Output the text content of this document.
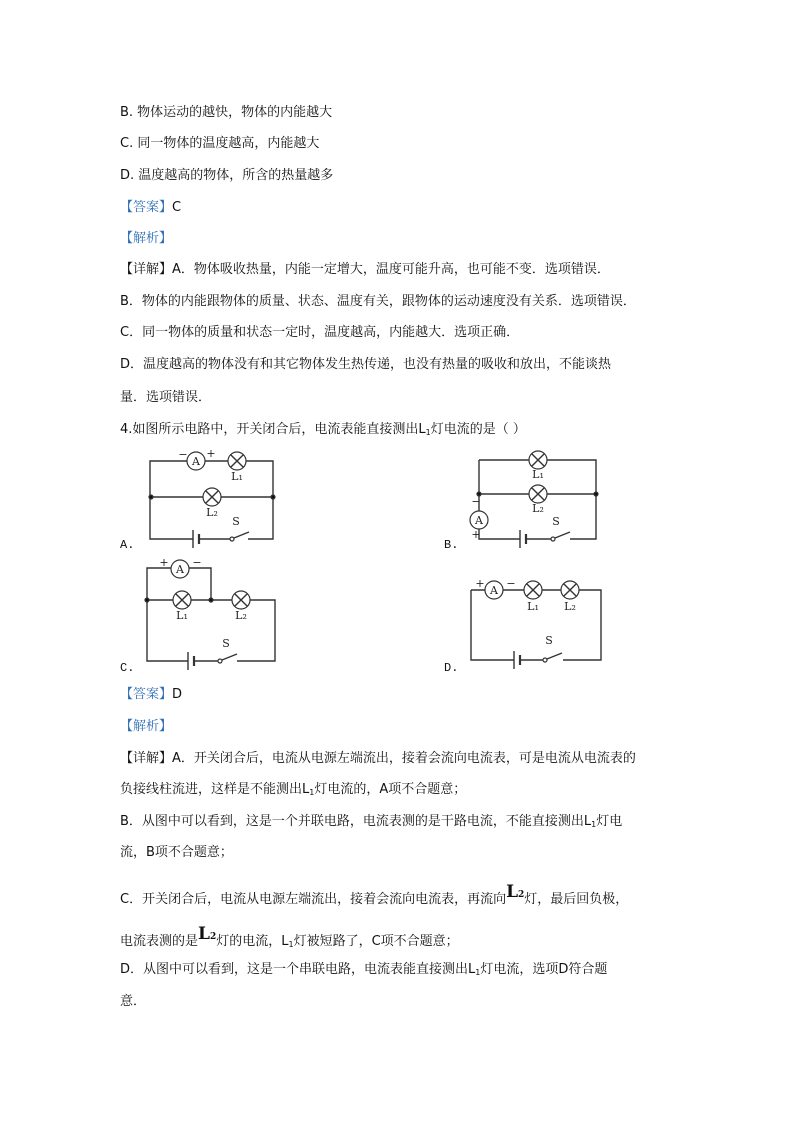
B. 物体运动的越快，物体的内能越大
C. 同一物体的温度越高，内能越大
D. 温度越高的物体，所含的热量越多
【答案】C
【解析】
【详解】A．物体吸收热量，内能一定增大，温度可能升高，也可能不变．选项错误．
B．物体的内能跟物体的质量、状态、温度有关，跟物体的运动速度没有关系．选项错误．
C．同一物体的质量和状态一定时，温度越高，内能越大．选项正确．
D．温度越高的物体没有和其它物体发生热传递，也没有热量的吸收和放出，不能谈热
量．选项错误．
4.如图所示电路中，开关闭合后，电流表能直接测出$L_1$灯电流的是（ ）
【答案】D
【解析】
【详解】A．开关闭合后，电流从电源左端流出，接着会流向电流表，可是电流从电流表的
负接线柱流进，这样是不能测出$L_1$灯电流的，A项不合题意；
B．从图中可以看到，这是一个并联电路，电流表测的是干路电流，不能直接测出$L_1$灯电
流，B项不合题意；
C．开关闭合后，电流从电源左端流出，接着会流向电流表，再流向L2灯，最后回负极，
电流表测的是L2灯的电流，$L_1$灯被短路了，C项不合题意；
D．从图中可以看到，这是一个串联电路，电流表能直接测出$L_1$灯电流，选项D符合题
意．
A.	B.
C.	D.
A
− +
L₁
L₂
S	A
L₁
L₂
−
+
S
A
+ −
L₁	L₂
S
A
+ −
L₁ L₂
S
